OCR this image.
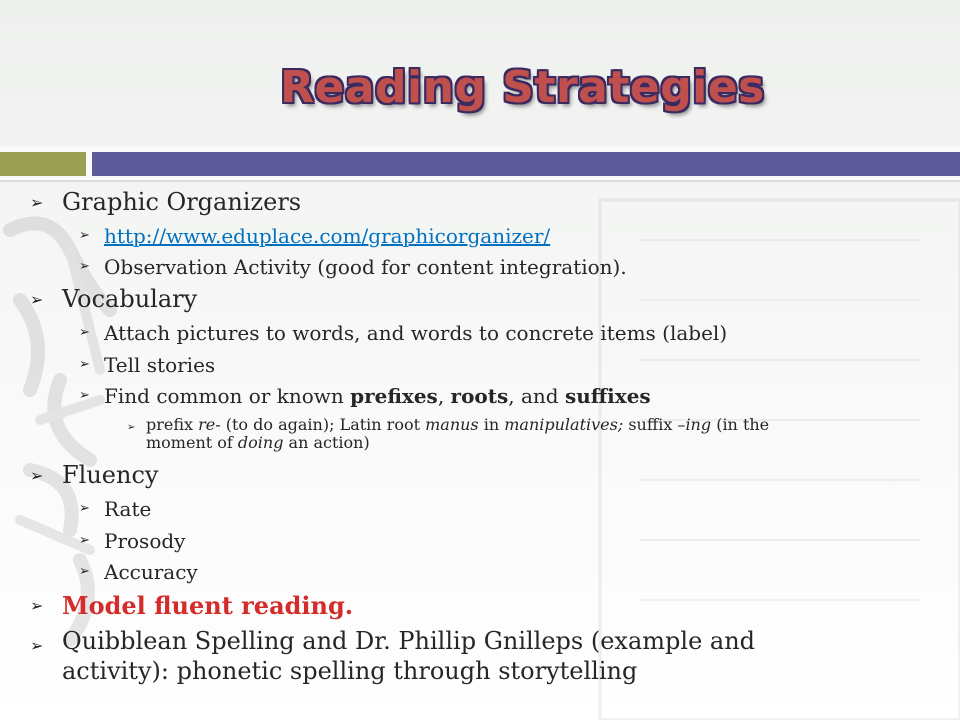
Reading Strategies
➢ Graphic Organizers
➢ http://www.eduplace.com/graphicorganizer/
➢ Observation Activity (good for content integration).
➢ Vocabulary
➢ Attach pictures to words, and words to concrete items (label)
➢ Tell stories
➢ Find common or known prefixes, roots, and suffixes
➢ prefix re- (to do again); Latin root manus in manipulatives; suffix –ing (in the
moment of doing an action)
➢ Fluency
➢ Rate
➢ Prosody
➢ Accuracy
➢ Model fluent reading.
➢ Quibblean Spelling and Dr. Phillip Gnilleps (example and
activity): phonetic spelling through storytelling
